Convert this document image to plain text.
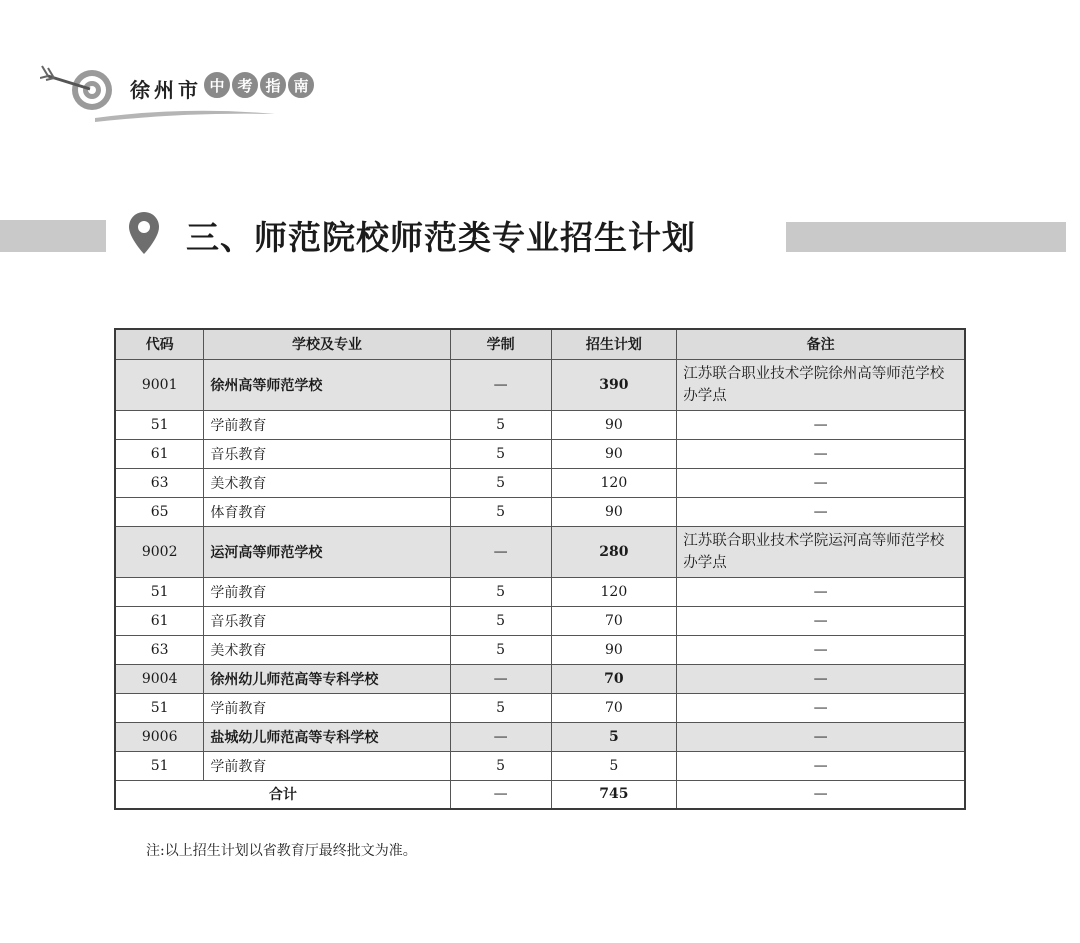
徐州市 中 考 指 南
三、师范院校师范类专业招生计划
代码	学校及专业	学制	招生计划	备注
9001	徐州高等师范学校	—	390	江苏联合职业技术学院徐州高等师范学校办学点
51	学前教育	5	90	—
61	音乐教育	5	90	—
63	美术教育	5	120	—
65	体育教育	5	90	—
9002	运河高等师范学校	—	280	江苏联合职业技术学院运河高等师范学校办学点
51	学前教育	5	120	—
61	音乐教育	5	70	—
63	美术教育	5	90	—
9004	徐州幼儿师范高等专科学校	—	70	—
51	学前教育	5	70	—
9006	盐城幼儿师范高等专科学校	—	5	—
51	学前教育	5	5	—
合计		—	745	—
注:以上招生计划以省教育厅最终批文为准。
